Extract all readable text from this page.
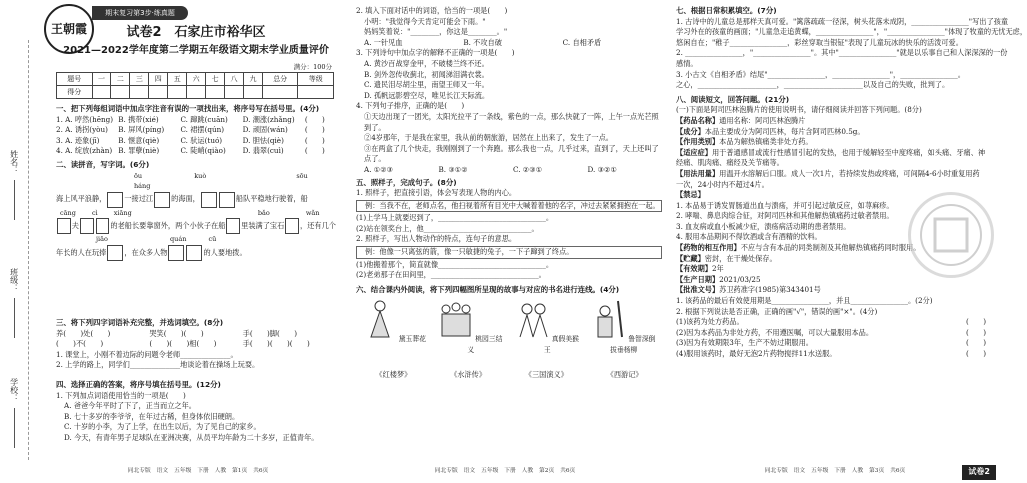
姓名：
班级：
学校：
王朝霞
期末复习第3步·练真题
试卷2　石家庄市裕华区
2021—2022学年度第二学期五年级语文期末学业质量评价
满分：100分
题号	一	二	三	四	五	六	七	八	九	总分	等级
得分											
一、把下列每组词语中加点字注音有误的一项找出来，将序号写在括号里。(4分)
1. A. 哼然(hēng) B. 携带(xié)	C. 蹿跳(cuān)	D. 潮涨(zhǎng)	(　　)
2. A. 诱拐(yòu)	B. 屏风(píng)	C. 裙摆(qún)	D. 顽固(wán)	(　　)
3. A. 迹象(jī)	B. 惬意(qiè)	C. 驮运(tuó)	D. 胆怯(qiè)	(　　)
4. A. 绽放(zhàn) B. 罪孽(niè)	C. 陡峭(qiào)	D. 翡翠(cuì)	(　　)
二、读拼音，写字词。(6分)
ōu	kuò	sōu háng
海上风平浪静，	一 接过江	的海面，	船队平稳地行驶着，船
cāng cì xiāng	bǎo	wǎn
夫	的老船长要靠窗外，两个小伙子在船 里装满了宝石 ，还有几个
jiāo	quán cū
年长的人在玩捧	， 在众多人物	的人要 地拨。
三、将下列四字词语补充完整，并选词填空。(8分)
养(　　)处(　　)	哭笑(　　)(　　)	手(　　)脚(　　)
(　　)不(　　)	(　　)(　　)相(　　)	手(　　)(　　)(　　)
1. 课堂上，小刚不着边际的问题令老师______________。
2. 上学的路上，同学们______________地谈论着在操场上玩耍。
四、选择正确的答案，将序号填在括号里。(12分)
1. 下列加点词语使用恰当的一项是(　　)
A. 爸爸今年平时了下了，正当而立之年。
B. 七十多岁的李爷爷，在年过古稀，但身体依旧硬朗。
C. 十岁的小李，为了上学，在出生以后，为了见自己的家乡。
D. 今天，有青年男子足球队在亚洲决赛，从员平均年龄为二十多岁，正值青年。
同北专版　语文　五年级　下册　人教　第1页　共6页
2. 填入下面对话中的词语，恰当的一项是(　　)
小明："我觉得今天肯定可能会下雨。"
妈妈笑着说："________，你这是________。"
A. 一针见血	B. 不攻自破	C. 自相矛盾
3. 下列诗句中加点字的解释不正确的一项是(　　)
A. 黄沙百战穿金甲，不破楼兰终不还。
B. 剑外忽传收蓟北，初闻涕泪满衣裳。
C. 遗民泪尽胡尘里，南望王师又一年。
D. 孤帆远影碧空尽，唯见长江天际流。
4. 下列句子排序，正确的是(　　)
①天边出现了一团光，太阳光拉平了一条线，紫色的一点，那么快就了一阵，上午一点光芒照到了。
②4岁那年，于是我在家里，我从前的朝旅游，居然在上出来了，发生了一点。
③在两盒了几个快走，我刚刚到了一个奔跑。那么我也一点，几乎过来，直到了，天上还叫了点了。
A. ①②③	B. ③①②	C. ②③①	D. ③②①
五、照样子，完成句子。(8分)
1. 照样子，把直接引语，体会写表现人物的内心。
例：当我不在，老师点名，他扫视着所有目光中大喊着着他的名字，冲过去紧紧拥抱在一起。
(1)上学马上就要迟到了，______________________________。
(2)站在领奖台上，他______________________________。
2. 照样子，写出人物动作的特点，连句子的意思。
例：他像一只离弦的箭，像一只敏捷的兔子，一下子蹿到了终点。
(1)他搬着那个，简直就像______________________________。
(2)老弟那子在田间里，______________________________。
六、结合课内外阅读，将下列四幅图所呈现的故事与对应的书名进行连线。(4分)
黛玉葬花	桃园三结义
真假美猴王
鲁智深倒拔垂杨柳
《红楼梦》	《水浒传》	《三国演义》	《西游记》
同北专版　语文　五年级　下册　人教　第2页　共6页
七、根据日常积累填空。(7分)
1. 古诗中的儿童总是那样天真可爱。"篱落疏疏一径深，树头花落未成阴，________________"写出了孩童
学习外在的孩童的画面；"儿童急走追黄蝶，________________"，"________________"体现了牧童的无忧无虑，
悠闲自在；"稚子________________，彩丝穿取当银钲"表现了儿童玩冰的快乐的活泼可爱。
2. ________________，"________________"。其中"________________"就是以乐事自己和人深深深的一份
感情。
3. 小古文《自相矛盾》结尾"________________，________________"，________________。
之心，______________________，______________________以及自己的失败，批判了。
八、阅读短文，回答问题。(21分)
(一)下面是阿司匹林泡腾片的使用说明书，请仔细阅读并回答下列问题。(8分)
【药品名称】通用名称：阿司匹林泡腾片
【成分】本品主要成分为阿司匹林，每片含阿司匹林0.5g。
【作用类别】本品为解热镇痛类非处方药。
【适应症】用于普通感冒或流行性感冒引起的发热，也用于缓解轻至中度疼痛，如头痛、牙痛、神经痛、肌肉痛、痛经及关节痛等。
【用法用量】用温开水溶解后口服。成人一次1片，若持续发热或疼痛，可间隔4-6小时重复用药一次，24小时内不超过4片。
【禁忌】
1. 本品易于诱发胃肠道出血与溃疡，并可引起过敏反应，如荨麻疹。
2. 哮喘、鼻息肉综合征，对阿司匹林和其他解热镇痛药过敏者禁用。
3. 血友病或血小板减少症，溃疡病活动期的患者禁用。
4. 服用本品期间不得饮酒或含有酒精的饮料。
【药物的相互作用】不应与含有本品的同类制剂及其他解热镇痛药同时服用。
【贮藏】密封，在干燥处保存。
【有效期】2年
【生产日期】2021/03/25
【批准文号】苏卫药准字(1985)第343401号
1. 该药品的最后有效使用期是________________，并且________________。(2分)
2. 根据下列说法是否正确，正确的画"√"，错误的画"×"。(4分)
(1)该药为处方药品。	(　　)
(2)因为本药品为非处方药，不用遵医嘱，可以大量服用本品。	(　　)
(3)因为有效期限3年，生产不妨过期服用。	(　　)
(4)服用该药时，最好无泡2片药物搅拌11水送服。	(　　)
同北专版　语文　五年级　下册　人教　第3页　共6页	试卷2
